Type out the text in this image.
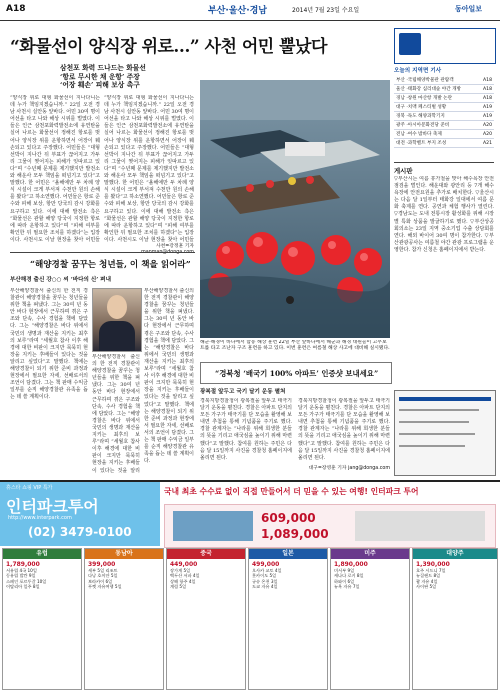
A18	부산·울산·경남	2014년 7월 23일 수요일	동아일보
“화물선이 양식장 위로…” 사천 어민 뿔났다
삼천포 화력 드나드는 화물선
‘항로 무시한 채 운항’ 주장
‘어장 훼손’ 피해 보상 촉구
“양식장 위로 대형 화물선이 지나다니는데 누가 책임지겠습니까.” 22일 오전 경남 사천시 실안동 앞바다. 어민 30여 명이 어선을 타고 나와 해상 시위를 벌였다. 이들은 인근 삼천포화력발전소에 유연탄을 실어 나르는 화물선이 정해진 항로를 벗어나 양식장 위를 운항하면서 어장이 훼손되고 있다고 주장했다. 어민들은 “대형 선박이 지나간 뒤 부표가 끊어지고 가두리 그물이 찢어지는 피해가 잇따르고 있다”며 “수년째 문제를 제기했지만 발전소와 해운사 모두 책임을 떠넘기고 있다”고 말했다. 한 어민은 “올해에만 두 차례 양식 시설이 크게 부서져 수천만 원의 손해를 봤다”고 하소연했다. 어민들은 항로 준수와 피해 보상, 항만 당국의 감시 강화를 요구하고 있다. 이에 대해 발전소 측은 “화물선은 관할 해양 당국이 지정한 항로에 따라 운항하고 있다”며 “피해 여부를 확인한 뒤 필요한 조치를 하겠다”는 입장이다. 사천시도 이날 현장을 찾아 어민들
“양식장 위로 대형 화물선이 지나다니는데 누가 책임지겠습니까.” 22일 오전 경남 사천시 실안동 앞바다. 어민 30여 명이 어선을 타고 나와 해상 시위를 벌였다. 이들은 인근 삼천포화력발전소에 유연탄을 실어 나르는 화물선이 정해진 항로를 벗어나 양식장 위를 운항하면서 어장이 훼손되고 있다고 주장했다. 어민들은 “대형 선박이 지나간 뒤 부표가 끊어지고 가두리 그물이 찢어지는 피해가 잇따르고 있다”며 “수년째 문제를 제기했지만 발전소와 해운사 모두 책임을 떠넘기고 있다”고 말했다. 한 어민은 “올해에만 두 차례 양식 시설이 크게 부서져 수천만 원의 손해를 봤다”고 하소연했다. 어민들은 항로 준수와 피해 보상, 항만 당국의 감시 강화를 요구하고 있다. 이에 대해 발전소 측은 “화물선은 관할 해양 당국이 지정한 항로에 따라 운항하고 있다”며 “피해 여부를 확인한 뒤 필요한 조치를 하겠다”는 입장이다. 사천시도 이날 현장을 찾아 어민들
사천=강정훈 기자
“해양경찰 꿈꾸는 청년들, 이 책을 읽어라”
부산해경 출신 강○○ 씨 ‘바다의 신’ 펴내
부산해양경찰서 출신의 한 전직 경찰관이 해양경찰을 꿈꾸는 청년들을 위한 책을 펴냈다. 그는 30여 년 동안 바다 현장에서 근무하며 겪은 구조와 단속, 수사 경험을 책에 담았다. 그는 “해양경찰은 바다 위에서 국민의 생명과 재산을 지키는 최후의 보루”라며 “세월호 참사 이후 해경에 대한 비판이 크지만 묵묵히 현장을 지키는 후배들이 있다는 것을 알리고 싶었다”고 말했다. 책에는 해양경찰이 되기 위한 준비 과정과 현장에서 필요한 자세, 선배로서의 조언이 담겼다. 그는 책 판매 수익금 일부를 순직 해양경찰관 유족을 돕는 데 쓸 계획이다.
부산해양경찰서 출신의 한 전직 경찰관이 해양경찰을 꿈꾸는 청년들을 위한 책을 펴냈다. 그는 30여 년 동안 바다 현장에서 근무하며 겪은 구조와 단속, 수사 경험을 책에 담았다. 그는 “해양경찰은 바다 위에서 국민의 생명과 재산을 지키는 최후의 보루”라며 “세월호 참사 이후 해경에 대한 비판이 크지만 묵묵히 현장을 지키는 후배들이 있다는 것을 알리고 싶었다”고 말했다. 책에는 해양경찰이 되기 위한 준비 과정과 현장에서 필요한 자세, 선배로서의 조언이 담겼다. 그는 책 판매 수익금 일부를 순직 해양경찰관 유족을 돕는 데 쓸 계획이다.
부산해양경찰서 출신의 한 전직 경찰관이 해양경찰을 꿈꾸는 청년들을 위한 책을 펴냈다. 그는 30여 년 동안 바다 현장에서 근무하며 겪은 구조와 단속, 수사 경험을 책에 담았다. 그는 “해양경찰은 바다 위에서 국민의 생명과 재산을 지키는 최후의 보루”라며 “세월호 참사 이후 해경에 대한 비판이 크지만 묵묵히 현장을 지키는 후배들이 있다는 것을 알리
해군·해경이 바다에서 합동 해상 훈련 22일 부산 앞바다에서 해군과 해경 대원들이 고무보트를 타고 조난자 구조 훈련을 하고 있다. 이번 훈련은 여름철 해상 사고에 대비해 실시됐다.
“경북청 ‘배국기 100% 아파트’ 인증샷 보내세요”
광복절 앞두고 국기 달기 운동 펼쳐
경북지방경찰청이 광복절을 앞두고 태극기 달기 운동을 펼친다. 경찰은 아파트 단지의 모든 가구가 태극기를 단 모습을 촬영해 보내면 추첨을 통해 기념품을 주기로 했다. 경찰 관계자는 “나라를 위해 희생한 분들의 뜻을 기리고 애국심을 높이기 위해 마련했다”고 말했다. 참여를 원하는 주민은 다음 달 15일까지 사진을 경찰청 홈페이지에 올리면 된다.
경북지방경찰청이 광복절을 앞두고 태극기 달기 운동을 펼친다. 경찰은 아파트 단지의 모든 가구가 태극기를 단 모습을 촬영해 보내면 추첨을 통해 기념품을 주기로 했다. 경찰 관계자는 “나라를 위해 희생한 분들의 뜻을 기리고 애국심을 높이기 위해 마련했다”고 말했다. 참여를 원하는 주민은 다음 달 15일까지 사진을 경찰청 홈페이지에 올리면 된다.
대구=장영훈 기자 jang@donga.com
오늘의 지역면 기사
부산 ·국립해양박물관 관람객	A18
울산 ·태화강 십리대숲 야간 개방	A18
경남 ·창원 마산항 개발 논란	A18
대구 ·치맥 페스티벌 성황	A19
경북 ·독도 해양과학기지	A19
광주 ·아시아문화전당 준비	A20
전남 ·여수 밤바다 축제	A20
대전 ·과학벨트 부지 조성	A21
게시판
▽부산시는 여름 휴가철을 맞아 해수욕장 안전 점검을 벌인다. 해운대와 광안리 등 7개 해수욕장에 안전요원을 추가로 배치한다. ▽울산시는 다음 달 1일부터 태화강 일대에서 여름 문화 축제를 연다. 공연과 체험 행사가 열린다. ▽경남도는 도내 전통시장 활성화를 위해 시장별 특화 상품을 발굴하기로 했다. ▽부산상공회의소는 23일 지역 중소기업 수출 상담회를 연다. 해외 바이어 30여 명이 참가한다. ▽부산관광공사는 여름철 야간 관광 프로그램을 운영한다. 참가 신청은 홈페이지에서 받는다.
휴스타 쇼핑 VIP 특가
인터파크투어
http://www.interpark.com
(02) 3479-0100
국내 최초 수수료 없이 직접 만들어서 더 믿을 수 있는 여행! 인터파크 투어
609,000
1,089,000
유럽
1,789,000
서유럽 4국 10일
동유럽 발칸 9일
스페인 포르투갈 10일
이탈리아 일주 8일
동남아
399,000
세부 5일 리조트
다낭 호이안 5일
보라카이 6일
푸껫 자유여행 5일
중국
449,000
장가계 5일
백두산 서파 4일
상해 항주 4일
계림 5일
일본
499,000
오사카 교토 4일
홋카이도 5일
규슈 온천 3일
도쿄 자유 4일
미주
1,890,000
미서부 9일
캐나다 로키 8일
하와이 6일
뉴욕 자유 7일
대양주
1,390,000
호주 시드니 7일
뉴질랜드 8일
괌 자유 4일
사이판 5일
